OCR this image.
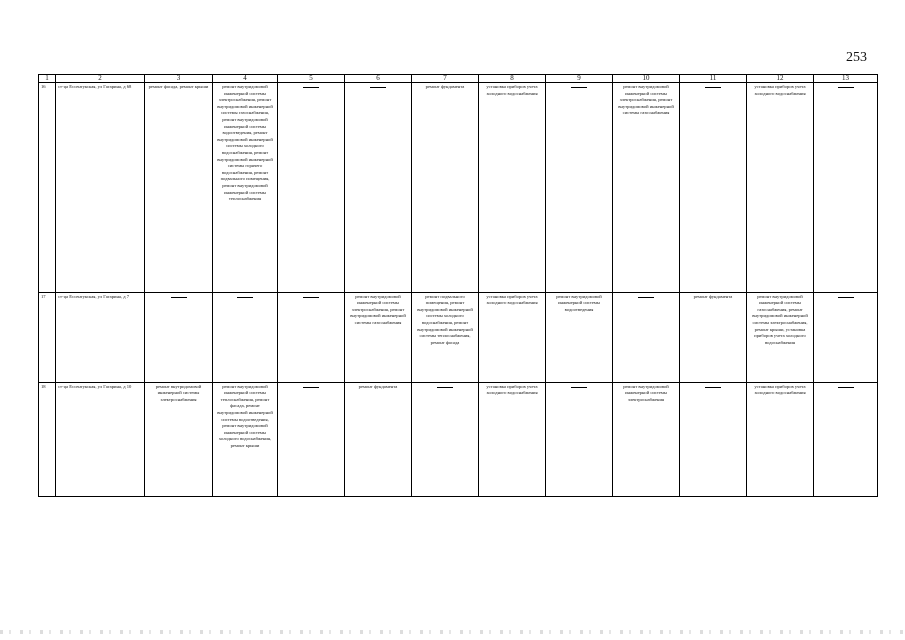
253
1	2	3	4	5	6	7	8	9	10	11	12	13
16	ст-ца Ессентукская, ул Гагарина, д 68	ремонт фасада, ремонт крыши	ремонт внутридомовой инженерной системы электроснабжения, ремонт внутридомовой инженерной системы газоснабжения, ремонт внутридомовой инженерной системы водоотведения, ремонт внутридомовой инженерной системы холодного водоснабжения, ремонт внутридомовой инженерной системы горячего водоснабжения, ремонт подвального помещения, ремонт внутридомовой инженерной системы теплоснабжения			ремонт фундамента	установка приборов учета холодного водоснабжения		ремонт внутридомовой инженерной системы электроснабжения, ремонт внутридомовой инженерной системы газоснабжения		установка приборов учета холодного водоснабжения	

17	ст-ца Ессентукская, ул Гагарина, д 7				ремонт внутридомовой инженерной системы электроснабжения, ремонт внутридомовой инженерной системы газоснабжения	ремонт подвального помещения, ремонт внутридомовой инженерной системы холодного водоснабжения, ремонт внутридомовой инженерной системы теплоснабжения, ремонт фасада	установка приборов учета холодного водоснабжения	ремонт внутридомовой инженерной системы водоотведения		ремонт фундамента	ремонт внутридомовой инженерной системы газоснабжения, ремонт внутридомовой инженерной системы электроснабжения, ремонт крыши, установка приборов учета холодного водоснабжения	

18	ст-ца Ессентукская, ул Гагарина, д 10	ремонт внутридомовой инженерной системы электроснабжения	ремонт внутридомовой инженерной системы теплоснабжения, ремонт фасада, ремонт внутридомовой инженерной системы водоотведения, ремонт внутридомовой инженерной системы холодного водоснабжения, ремонт крыши		ремонт фундамента		установка приборов учета холодного водоснабжения		ремонт внутридомовой инженерной системы электроснабжения		установка приборов учета холодного водоснабжения	
